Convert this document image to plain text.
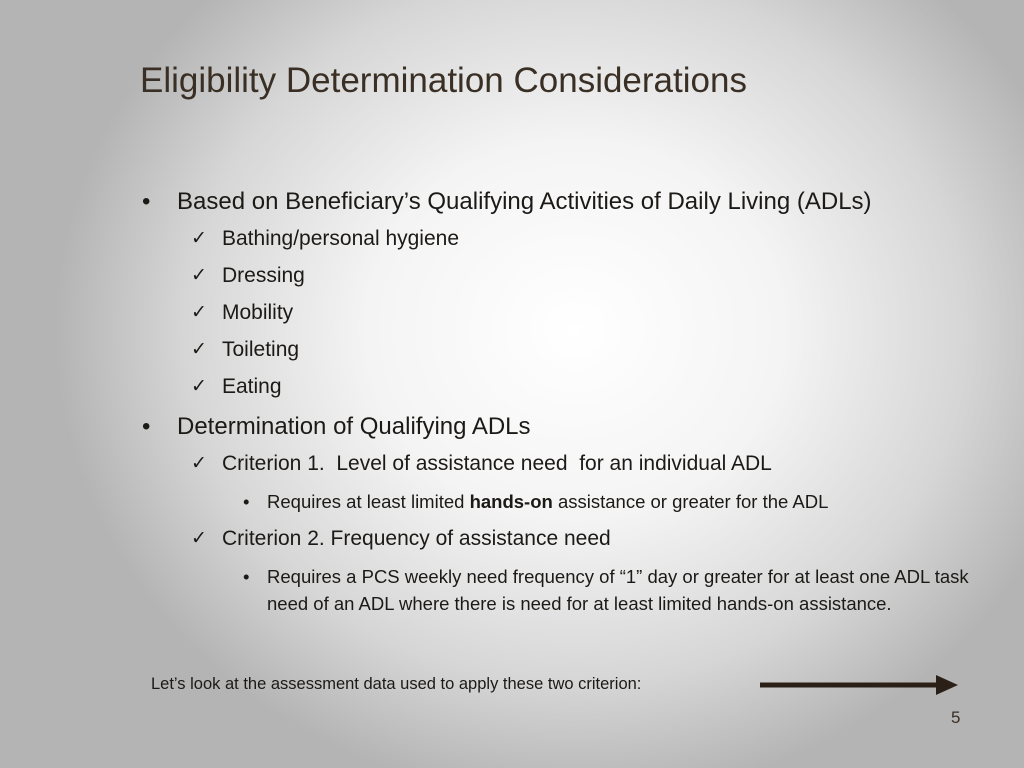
Eligibility Determination Considerations
• Based on Beneficiary’s Qualifying Activities of Daily Living (ADLs)
✓ Bathing/personal hygiene
✓ Dressing
✓ Mobility
✓ Toileting
✓ Eating
• Determination of Qualifying ADLs
✓ Criterion 1.  Level of assistance need  for an individual ADL
• Requires at least limited hands-on assistance or greater for the ADL
✓ Criterion 2. Frequency of assistance need
• Requires a PCS weekly need frequency of “1” day or greater for at least one ADL task need of an ADL where there is need for at least limited hands-on assistance.
Let’s look at the assessment data used to apply these two criterion:
5
